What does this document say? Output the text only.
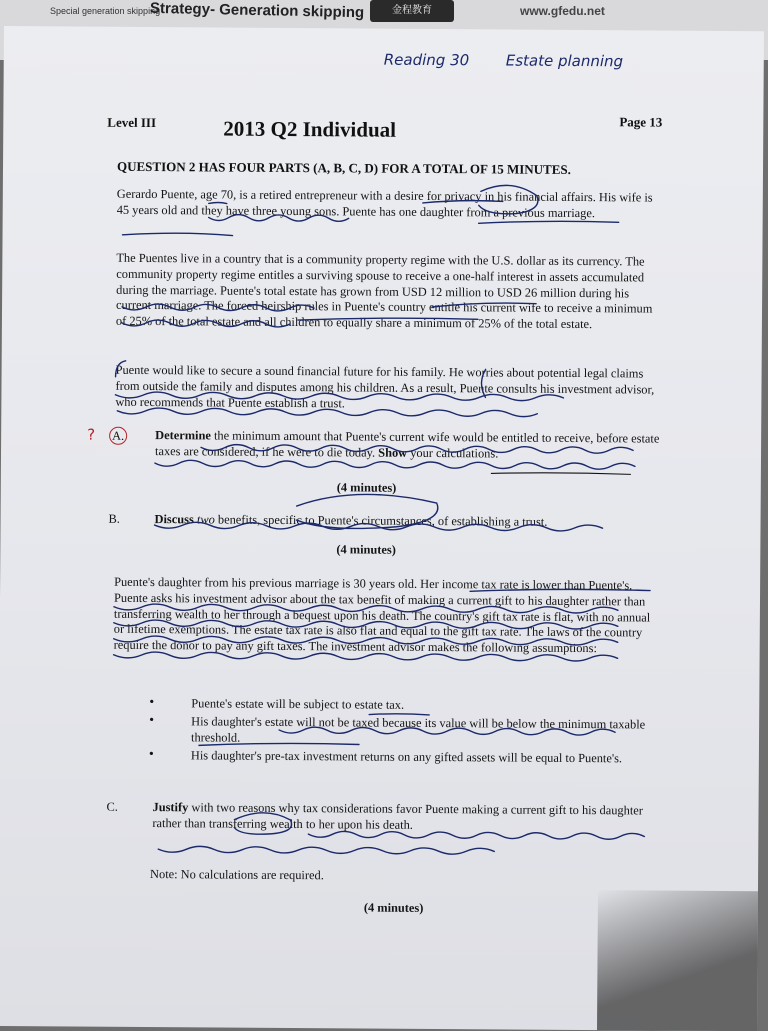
Special generation skipping
Strategy- Generation skipping	金程教育	www.gfedu.net
Reading 30 Estate planning
Level III	2013 Q2 Individual	Page 13
QUESTION 2 HAS FOUR PARTS (A, B, C, D) FOR A TOTAL OF 15 MINUTES.
Gerardo Puente, age 70, is a retired entrepreneur with a desire for privacy in his financial affairs. His wife is 45 years old and they have three young sons. Puente has one daughter from a previous marriage.
The Puentes live in a country that is a community property regime with the U.S. dollar as its currency. The community property regime entitles a surviving spouse to receive a one-half interest in assets accumulated during the marriage. Puente's total estate has grown from USD 12 million to USD 26 million during his current marriage. The forced heirship rules in Puente's country entitle his current wife to receive a minimum of 25% of the total estate and all children to equally share a minimum of 25% of the total estate.
Puente would like to secure a sound financial future for his family. He worries about potential legal claims from outside the family and disputes among his children. As a result, Puente consults his investment advisor, who recommends that Puente establish a trust.
? A.	Determine the minimum amount that Puente's current wife would be entitled to receive, before estate taxes are considered, if he were to die today. Show your calculations.
(4 minutes)
B.	Discuss two benefits, specific to Puente's circumstances, of establishing a trust.
(4 minutes)
Puente's daughter from his previous marriage is 30 years old. Her income tax rate is lower than Puente's. Puente asks his investment advisor about the tax benefit of making a current gift to his daughter rather than transferring wealth to her through a bequest upon his death. The country's gift tax rate is flat, with no annual or lifetime exemptions. The estate tax rate is also flat and equal to the gift tax rate. The laws of the country require the donor to pay any gift taxes. The investment advisor makes the following assumptions:
• Puente's estate will be subject to estate tax.
• His daughter's estate will not be taxed because its value will be below the minimum taxable threshold.
• His daughter's pre-tax investment returns on any gifted assets will be equal to Puente's.
C.	Justify with two reasons why tax considerations favor Puente making a current gift to his daughter rather than transferring wealth to her upon his death.
Note: No calculations are required.
(4 minutes)
